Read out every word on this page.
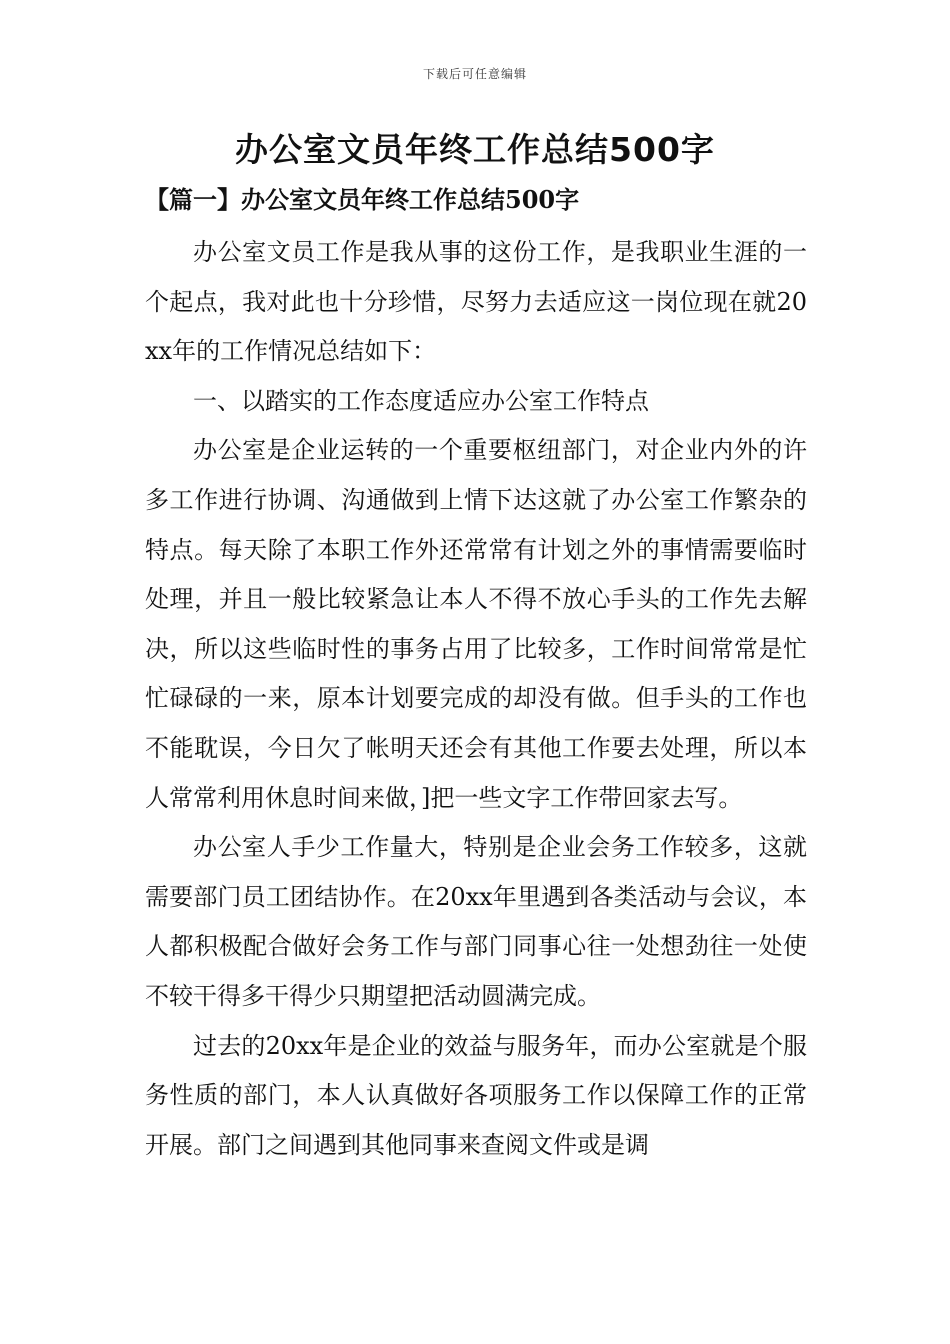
下载后可任意编辑
办公室文员年终工作总结500字
【篇一】办公室文员年终工作总结500字

办公室文员工作是我从事的这份工作，是我职业生涯的一个起点，我对此也十分珍惜，尽努力去适应这一岗位现在就20xx年的工作情况总结如下：

一、以踏实的工作态度适应办公室工作特点

办公室是企业运转的一个重要枢纽部门，对企业内外的许多工作进行协调、沟通做到上情下达这就了办公室工作繁杂的特点。每天除了本职工作外还常常有计划之外的事情需要临时处理，并且一般比较紧急让本人不得不放心手头的工作先去解决，所以这些临时性的事务占用了比较多，工作时间常常是忙忙碌碌的一来，原本计划要完成的却没有做。但手头的工作也不能耽误，今日欠了帐明天还会有其他工作要去处理，所以本人常常利用休息时间来做，]把一些文字工作带回家去写。

办公室人手少工作量大，特别是企业会务工作较多，这就需要部门员工团结协作。在20xx年里遇到各类活动与会议，本人都积极配合做好会务工作与部门同事心往一处想劲往一处使不较干得多干得少只期望把活动圆满完成。

过去的20xx年是企业的效益与服务年，而办公室就是个服务性质的部门，本人认真做好各项服务工作以保障工作的正常开展。部门之间遇到其他同事来查阅文件或是调
